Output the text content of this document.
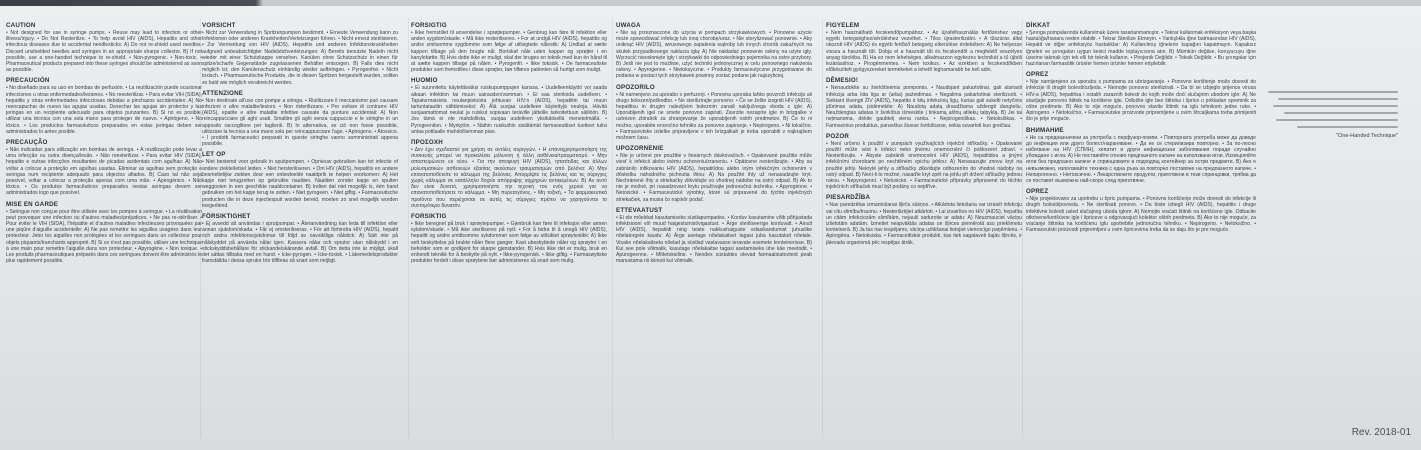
CAUTION

• Not designed for use in syringe pumps. • Reuse may lead to infection or other illness/injury. • Do Not Resterilize. • To help avoid HIV (AIDS), Hepatitis and other infectious diseases due to accidental needlesticks: A) Do not re-shield used needles. Discard unshielded needles and syringes in an appropriate sharps collector. B) If not possible, use a one-handed technique to re-shield. • Non-pyrogenic. • Non-toxic. • Pharmaceutical products prepared into these syringes should be administered as soon as possible.

PRECAUCIÓN

• No diseñado para su uso en bombas de perfusión. • La reutilización puede ocasionar infecciones u otras enfermedades/lesiones. • No reesterilizar. • Para evitar VIH (SIDA), hepatitis y otras enfermedades infecciosas debidas a pinchazos accidentales: A) No reencapuchar de nuevo las agujas usadas. Desechar las agujas sin protector y las jeringas en un recipiente adecuado para objetos punzantes. B) Si no es posible, utilizar una técnica con una sola mano para proteger de nuevo. • Apirógeno. • No tóxico. • Los productos farmacéuticos preparados en estas jeringas deben ser administrados lo antes posible.

PRECAUÇÃO

• Não indicadas para utilização em bombas de seringa. • A reutilização pode levar a uma infecção ou outra doença/lesão. • Não reesterilizar. • Para evitar HIV (SIDA), hepatite e outras infecções resultantes de picadas acidentais com agulhas: A) Não voltar a colocar a proteção em agulhas usadas. Eliminar as agulhas sem proteção e seringas num recipiente adequado para objectos afiados. B) Caso tal não seja possível, voltar a colocar a proteção apenas com uma mão. • Apirogénico. • Não tóxico. • Os produtos farmacêuticos preparados nestas seringas devem ser administrados logo que possível.

MISE EN GARDE

• Seringue non conçue pour être utilisée avec les pompes à seringue. • La réutilisation peut provoquer une infection ou d'autres maladies/préjudices. • Ne pas re-stériliser. • Pour éviter le VIH (SIDA), l'hépatite et d'autres maladies infectieuses provoquées par une piqûre d'aiguille accidentelle: A) Ne pas remettre les aiguilles usagées dans leur protecteur. Jeter les aiguilles non protégées et les seringues dans un collecteur pour objets piquants/tranchants approprié. B) Si ce n'est pas possible, utiliser une technique à une main pour remettre l'aiguille dans son protecteur. • Apyrogène. • Non toxique. • Les produits pharmaceutiques préparés dans ces seringues doivent être administrés le plus rapidement possible.

VORSICHT

• Nicht zur Verwendung in Spritzenpumpen bestimmt. • Erneute Verwendung kann zu Infektionen oder anderen Krankheiten/Verletzungen führen. • Nicht erneut sterilisieren. • Zur Vermeidung von HIV (AIDS), Hepatitis und anderen Infektionskrankheiten aufgrund unbeabsichtigter Nadelstichverletzungen: A) Bereits benutzte Nadeln nicht wieder mit einer Schutzkappe versehen. Kanülen ohne Schutzschutz in einen für spitze/scharfe Gegenstände zugelassenen Behälter entsorgen. B) Falls dies nicht möglich ist, den Kanülenschutz einhändig wieder aufbringen. • Pyrogenfrei. • Nicht toxisch. • Pharmazeutische Produkte, die in diesen Spritzen hergestellt wurden, sollten so bald wie möglich verabreicht werden.

ATTENZIONE

• Non destinate all'uso con pompe a siringa. • Riutilizzare il meccanismo può causare infezioni o altre malattie/lesioni. • Non risterilizzare. • Per evitare di contrarre HIV (AIDS), epatite e altre malattie infettive causate da punture accidentali: A) Non reincappucciare gli aghi usati. Smaltire gli aghi senza cappuccio e le siringhe in un apposito raccoglitore per taglienti. B) In alternativa, se ciò non fosse possibile, utilizzare la tecnica a una mano sola per reincappucciare l'ago. • Apirogeno. • Atossico. • I prodotti farmaceutici preparati in queste siringhe vanno somministrati appena possibile.

LET OP

• Niet bestemd voor gebruik in spuitpompen. • Opnieuw gebruiken kan tot infectie of andere ziekte/letsel leiden. • Niet hersteriliseren. • Om HIV (AIDS), hepatitis en andere besmettelijke ziekten door een onbedoelde naaldprik te helpen voorkomen: A) Het kapje niet terugzetten op gebruikte naalden. Naalden zonder kapje en spuiten weggooien in een geschikte naaldcontainer. B) Indien dat niet mogelijk is, één hand gebruiken om het kapje terug te zetten. • Niet pyrogeen. • Niet giftig. • Farmaceutische producten die in deze injectiespuit worden bereid, moeten zo snel mogelijk worden toegediend.

FÖRSIKTIGHET

• Ej avsedd att användas i sprutpumpar. • Återanvändning kan leda till infektion eller annan sjukdom/skada. • Får ej omsteriliseras. • För att förhindra HIV (AIDS), hepatit och andra infektionssjukdomar till följd av oavsiktliga nålstick: A) Sätt inte på nålskyddet på använda nålar igen. Kassera nålar och sprutor utan nålskydd i en stickskyddsbehållare för stickande/skärande avfall. B) Om detta inte är möjligt, skall det sättas tillbaka med en hand. • Icke-pyrogen. • Icke-toxisk. • Läkemedelsprodukter framställda i dessa sprutor bör tillföras så snart som möjligt.

FORSIGTIG

• Ikke fremstillet til anvendelse i sprøjtepumper. • Genbrug kan føre til infektion eller anden sygdom/skade. • Må ikke resteriliseres. • For at undgå HIV (AIDS), hepatitis og andre smitsomme sygdomme som følge af utilsigtede nålestik: A) Undlad at sætte kappen tilbage på den brugte nål. Bortskaf nåle uden kapper og sprøjter i en kanylebøtte. B) Hvis dette ikke er muligt, skal der bruges en teknik med kun én hånd til at sætte kappen tilbage på nålen. • Pyrogenfri. • Ikke toksisk. • De farmaceutiske produkter som fremstilles i disse sprøjter, bør tilføres patienten så hurtigt som muligt.

HUOMIO

• Ei suunniteltu käytettäväksi ruiskupumppujen kanssa. • Uudelleenkäyttö voi saada aikaan infektion tai muun sairauden/vamman. • Ei saa steriloida uudelleen. • Tapaturmaisista neulanpistoista johtuvan HIV:n (AIDS), hepatiitin tai muun tartuntatautiin välttämiseksi: A) Älä suojaa uudelleen käytettyjä neuloja. Hävitä suojaamattomat neulat ja ruiskut sopivaan teräville jätteille tarkoitettuun säiliöön. B) Jos tämä ei ole mahdollista, suojaa uudelleen yksikätisellä menetelmällä. • Pyrogeeniton. • Myrkytön. • Näihin ruiskuihin sisältämät farmaseuttiset tuotteet tulisi antaa potilaalle mahdollisimman pian.

ΠΡΟΣΟΧΗ

• Δεν έχει σχεδιαστεί για χρήση σε αντλίες συριγγών. • Η επαναχρησιμοποίηση της συσκευής μπορεί να προκαλέσει μόλυνση ή άλλη ασθένεια/τραυματισμό. • Μην αποστειρώνετε εκ νέου. • Για την αποφυγή HIV (AIDS), ηπατίτιδας και άλλων μολυσματικών ασθενειών εξαιτίας ακούσιων τραυματισμών από βελόνα: A) Μην επανατοποθετείτε το κάλυμμα της βελόνας. Απορρίψτε τις βελόνες και τις σύριγγες χωρίς κάλυμμα σε κατάλληλο δοχείο απόρριψης αιχμηρών αντικειμένων. B) Αν αυτό δεν είναι δυνατό, χρησιμοποιήστε την τεχνική του ενός χεριού για να επανατοποθετήσετε το κάλυμμα. • Μη πυρετογόνος. • Μη τοξική. • Τα φαρμακευτικά προϊόντα που περιέχονται σε αυτές τις σύριγγες πρέπει να χορηγούνται το συντομότερο δυνατόν.

FORSIKTIG

• Ikke beregnet på bruk i sprøytepumper. • Gjenbruk kan føre til infeksjon eller annen sykdom/skade. • Må ikke steriliseres på nytt. • For å bidra til å unngå HIV (AIDS), hepatitt og andre smittsomme sykdommer som følge av utilsiktet sprøytestikk: A) Ikke sett beskyttelse på brukte nåler flere ganger. Kast ubeskyttede nåler og sprøyter i en beholder som er godkjent for skarpe gjenstander. B) Hvis ikke det er mulig, bruk en enhendt teknikk for å beskytte på nytt. • Ikke-pyrogenisk. • Ikke giftig. • Farmasøytiske produkter fordelt i disse sprøytene bør administreres så snart som mulig.

UWAGA

• Nie są przeznaczone do użycia w pompach strzykawkowych. • Ponowne użycie może spowodować infekcję lub inną chorobę/uraz. • Nie sterylizować ponownie. • Aby uniknąć HIV (AIDS), wirusowego zapalenia wątroby lub innych chorób zakaźnych na skutek przypadkowego nakłucia igłą: A) Nie nakładać ponownie osłony na użyte igły. Wyrzucić nieosłonięte igły i strzykawki do odpowiedniego pojemnika na ostre przybory. B) Jeśli nie jest to możliwe, użyć techniki jednoręcznej w celu ponownego nałożenia osłony. • Apyrogenne. • Nietoksyczne. • Produkty farmaceutyczne przygotowane do podania w postaci tych strzykawek powinny zostać podane jak najszybciej.

OPOZORILO

• Ni namenjeno za uporabo s perfuzorji. • Ponovna uporaba lahko povzroči infekcijo ali drugo bolezen/poškodbo. • Ne sterilizirajte ponovno. • Če se želite izogniti HIV (AIDS), hepatitisu in drugim nalezljivim boleznim zaradi naključnega vboda z igle: A) Uporabljenih igel ne smete ponovno zapirati. Zavrzite nezaprte igle in brizgalke v ustrezen zbiralnik za shranjevanje že uporabljenih ostrih predmetov. B) Če to ni možno, uporabite enoročno tehniko za ponovno zapiranje. • Nepirogeno. • Ni toksično. • Farmacevtske izdelke pripravljene v teh brizgalkah je treba uporabiti v najkrajšem možnem času.

UPOZORNENIE

• Nie je určené pre použitie v lineárnych dávkovačoch. • Opakované použitie môže viesť k infekcii alebo inému ochoreniu/zraneniu. • Opätovne nesterilizujte. • Aby sa zabránilo infikovaniu HIV (AIDS), hepatitídou alebo iným infekčným ochorením v dôsledku náhodného pichnutia ihlou: A) Na použité ihly už nenasadzujte kryt. Nechránené ihly a striekačky zlikvidujte vo vhodnej nádobe na ostrý odpad. B) Ak to nie je možné, pri nasadzovaní krytu používajte jednoručnú techniku. • Apyrogénne. • Netoxické. • Farmaceutické výrobky, ktoré sú pripravené do týchto injekčných striekačiek, sa musia čo najskôr podať.

ETTEVAATUST

• Ei ole mõeldud kasutamiseks süstlapumpades. • Korduv kasutamine võib põhjustada infektsiooni või muud haigestumist/vigastust. • Ärge steriliseerige korduvalt. • Ainult HIV (AIDS), hepatiidi ning teiste nakkushaiguste edasikandumist juhuslike nõelatorgete kaudu: A) Ärge asetage nõelakaitset tagasi juba kasutatud nõelale. Visake nõelakaitseta nõelad ja süstlad vastavasse teravate esemete konteinerisse. B) Kui see pole võimalik, kasutage nõelakaitse tagasi asetamiseks ühe käe meetodit. • Apürogeenne. • Mittetoksiline. • Nendes süstaldes olevad farmaatsiatooteid peab manustama nii kiiresti kui võimalik.

FIGYELEM

• Nem használható fecskendőpumpához. • Az újrafelhasználás fertőzéshez vagy egyéb betegséghez/sérüléshez vezethet. • Tilos újrasterilizálni. • A tűszúrás által okozott HIV (AIDS) és egyéb fertőző betegség elkerülése érdekében: A) Ne helyezze vissza a használt tűt. Dobja el a használt tűt és fecskendőt a megfelelő veszélyes anyag tárolóba. B) Ha ez nem lehetséges, alkalmazzon egykezes technikát a tű újbóli lezárásához. • Pirogénmentes. • Nem toxikus. • Az ezekben a fecskendőkben előkészített gyógyszereket termékeket a lehető leghamarabb be kell adni.

DĒMESIO!

• Nenaudokite su švirkštinėmis pompomis. • Naudojant pakartotinai, gali atsirasti infekcija arba kita liga ar (arba) pažeidimas. • Negalima pakartotinai sterilizuoti. • Siekiant išvengti ŽIV (AIDS), hepatito ir kitų infekcinių ligų, kurias gali sukelti netyčinis įdūrimas adata, įsidėmėkite: A) Naudotą adatą draudžiama uždengti dangteliu. Neuždengtas adatas ir švirkštus išmeskite į tinkamą aštrių atliekų talpyklą. B) Jei tai neįmanoma, dėkite gaubtelį viena ranka. • Nepirogeniškas. • Netoksiškas. • Farmacinius produktus, paruoštus šiuose švirkštuose, reikia suvartoti kuo greičiau.

POZOR

• Není určeno k použití v pumpách využívajících injekční stříkačky. • Opakované použití může vést k infekci nebo jinému onemocnění či poškození zdraví. • Nesterilizujte. • Abyste zabránili onemocnění HIV (AIDS), hepatitidou a jinými infekčními chorobami po nechtěném vpichu jehlou: A) Nenasazujte znovu kryt na použité jehly. Nekryté jehly a stříkačky zlikvidujte odhozením do vhodné nádoby na ostrý odpad. B) Není-li to možné, nasaďte kryt zpět na jehlu při držení stříkačky jednou rukou. • Nepyrogenní. • Netoxické. • Farmaceutické přípravky připravené do těchto injekčních stříkaček musí být podány co nejdříve.

PIESARDŽĪBA

• Nav paredzētas izmantošanai šļirču sūkņos. • Atkārtota lietošana var izraisīt infekciju vai citu slimību/traumu. • Nesterilizējiet atkārtoti. • Lai izvairītos no HIV (AIDS), hepatīta un citām infekciozām slimībām, nejauši sadurotie ar adatu: A) Neuzmauciet vāciņu izlietotām adatām. Izmetiet neapvāktās adatas un šļirces piemērotā asu priekšmetu konteinerā. B) Ja tas nav iespējams, vāciņa uzlikšanai lietojiet vienrocīgo paņēmienu. • Apirogēna. • Netoksiska. • Farmaceitiskie produkti, kas tiek sagatavoti šajās šļircēs, ir jāievada organismā pēc iespējas ātrāk.

DİKKAT

• Şırınga pompalarında kullanılmak üzere tasarlanmamıştır. • Tekrar kullanmak enfeksiyon veya başka hastalığa/hasara neden olabilir. • Tekrar Sterilize Etmeyin. • Yanlışlıkla iğne batmasından HIV (AIDS), Hepatit ve diğer enfeksiyöz hastalıklar: A) Kullanılmış iğnelerin kapağını kapatmayın. Kapaksız iğneleri ve şırıngaları uygun kesici madde toplayıcısına atın. B) Mümkün değilse, koruyucuyu iğne üzerine takmak için tek elli bir teknik kullanın. • Pirojenik Değildir. • Toksik Değildir. • Bu şırıngalar için hazırlanan farmasötik ürünler hemen ürünler hemen erişilebilir.

OPREZ

• Nije namijenjeno za uporabu s pumpama za ubrizgavanje. • Ponovno korištenje može dovesti do infekcije ili drugih bolesti/ozljeda. • Nemojte ponovno sterilizirati. • Da bi se izbjeglo prijenos virusa HIV-a (AIDS), hepatitisa i ostalih zaraznih bolesti do kojih može doći slučajnim ubodom igle: A) Ne stavljajte ponovno štitnik na korištene igle. Odložite igle bez štitnika i šprice u prikladan spremnik za oštre predmete. B) Ako to nije moguće, ponovno stavite štitnik na iglu tehnikom jedne ruke. • Apirogeno. • Netoksično. • Farmaceutske proizvode pripremljene u ovim štrcaljkama treba primijeniti što je prije moguće.

ВНИМАНИЕ

• Не са предназначени за употреба с перфузор-помпи. • Повторната употреба може да доведе до инфекция или друго болест/нараняване. • Да не се стерилизира повторно. • За по-лесно избягване на HIV (СПИН), хепатит и други инфекциозни заболявания поради случайно убождане с игла: A) Не поставяйте отново предпазното капаче на използвани игли. Изхвърляйте игли без предпазно капаче и спринцовките в подходящ контейнер за остри предмети. B) Ако е невъзможно, използвайте техника с една ръка за повторно поставяне на предпазното капаче. • Непирогенно. • Нетоксично. • Лекарствените продукти, приготвени в тези спринцовки, трябва да се поставят възможно най-скоро след приготвяне.

OPREZ

• Nije projektovano za upotrebu u špric pumpama. • Ponovno korišćenje može dovesti do infekcije ili drugih bolesti/povreda. • Ne sterilisati ponovo. • Da biste izbegli HIV (AIDS), hepatitis i druge infektivne bolesti usled slučajnog uboda iglom: A) Nemojte vraćati štitnik na korišćene igle. Odbacite otkrivene/korišćene igle i špriceve u odgovarajući kolektor oštrih predmeta. B) Ako to nije moguće, za vraćanje štitnika na korišćenu iglu upotrebite jednoručnu tehniku. • Nepirogeno. • Netoksično. • Farmaceutski proizvodi pripremljeni u ovim špricevima treba da se daju što je pre moguće.

"One-Handed Technique"
Rev. 2018-01
